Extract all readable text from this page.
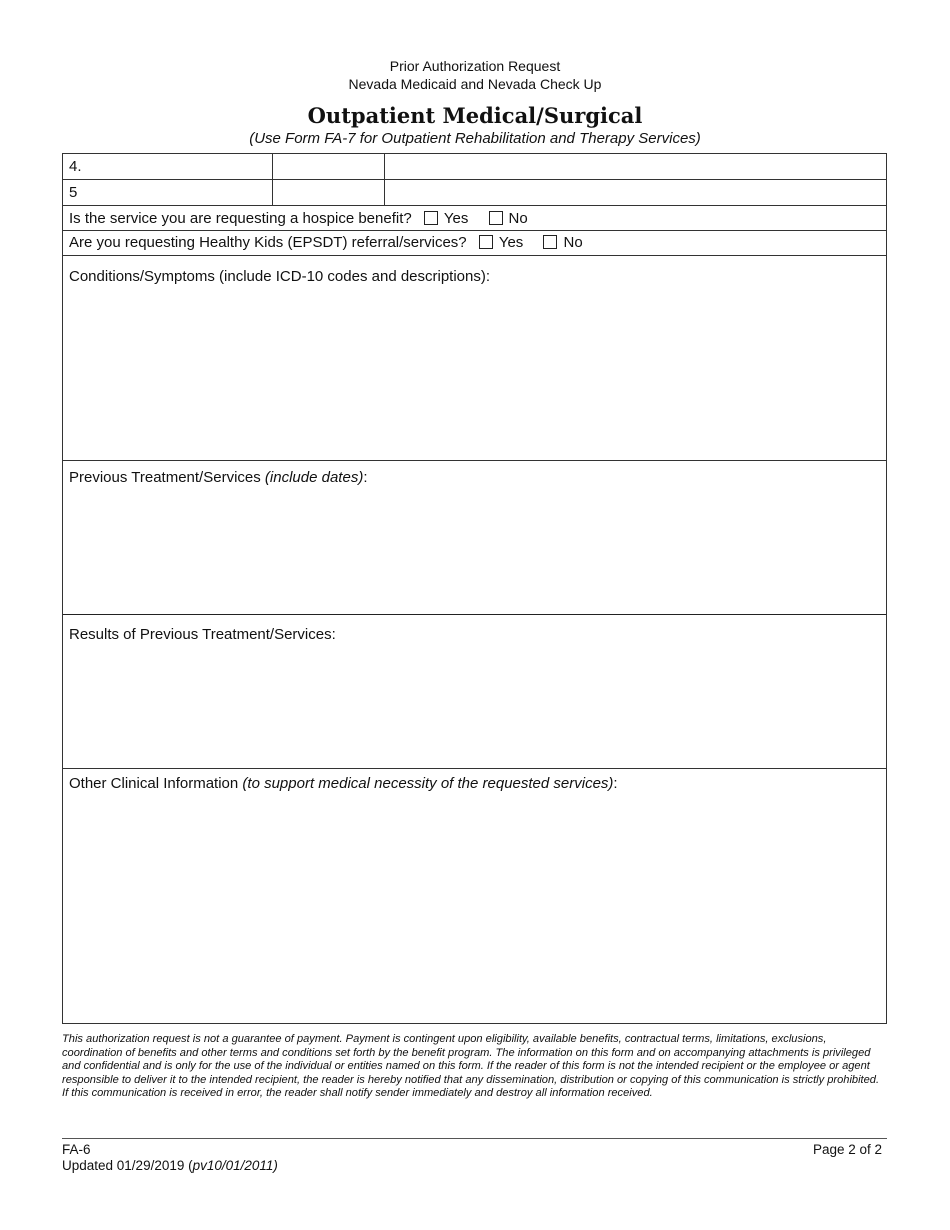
Prior Authorization Request
Nevada Medicaid and Nevada Check Up
Outpatient Medical/Surgical
(Use Form FA-7 for Outpatient Rehabilitation and Therapy Services)
4.
5
Is the service you are requesting a hospice benefit? Yes	No
Are you requesting Healthy Kids (EPSDT) referral/services? Yes	No
Conditions/Symptoms (include ICD-10 codes and descriptions):
Previous Treatment/Services (include dates):
Results of Previous Treatment/Services:
Other Clinical Information (to support medical necessity of the requested services):
This authorization request is not a guarantee of payment. Payment is contingent upon eligibility, available benefits, contractual terms, limitations, exclusions, coordination of benefits and other terms and conditions set forth by the benefit program. The information on this form and on accompanying attachments is privileged and confidential and is only for the use of the individual or entities named on this form. If the reader of this form is not the intended recipient or the employee or agent responsible to deliver it to the intended recipient, the reader is hereby notified that any dissemination, distribution or copying of this communication is strictly prohibited. If this communication is received in error, the reader shall notify sender immediately and destroy all information received.
FA-6
Updated 01/29/2019 (pv10/01/2011)
Page 2 of 2
